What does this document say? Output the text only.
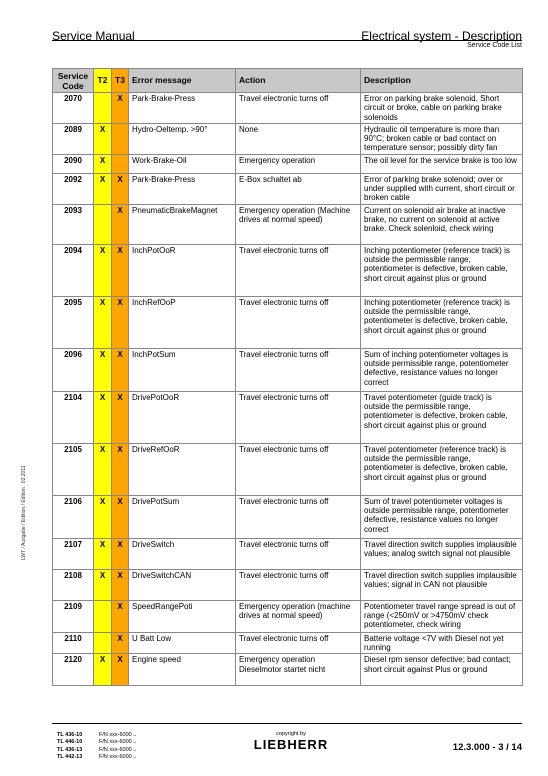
Service Manual	Electrical system - Description
Service Code List
LWT / Ausgabe / Edition / Édition : 02.2011
Service Code	T2	T3	Error message	Action	Description
2070		X	Park-Brake-Press	Travel electronic turns off	Error on parking brake solenoid. Short circuit or broke, cable on parking brake solenoids
2089	X		Hydro-Oeltemp. >90°	None	Hydraulic oil temperature is more than 90°C; broken cable or bad contact on temperature sensor; possibly dirty fan
2090	X		Work-Brake-Oil	Emergency operation	The oil level for the service brake is too low
2092	X	X	Park-Brake-Press	E-Box schaltet ab	Error of parking brake solenoid; over or under supplied with current, short circuit or broken cable
2093		X	PneumaticBrakeMagnet	Emergency operation (Machine drives at normal speed)	Current on solenoid air brake at inactive brake, no current on solenoid at active brake. Check solenloid, check wiring
2094	X	X	InchPotOoR	Travel electronic turns off	Inching potentiometer (reference track) is outside the permissible range, potentiometer is defective, broken cable, short circuit against plus or ground
2095	X	X	InchRefOoP	Travel electronic turns off	Inching potentiometer (reference track) is outside the permissible range, potentiometer is defective, broken cable, short circuit against plus or ground
2096	X	X	InchPotSum	Travel electronic turns off	Sum of inching potentiometer voltages is outside permissible range, potentiometer defective, resistance values no longer correct
2104	X	X	DrivePotOoR	Travel electronic turns off	Travel potentiometer (guide track) is outside the permissible range, potentiometer is defective, broken cable, short circuit against plus or ground
2105	X	X	DriveRefOoR	Travel electronic turns off	Travel potentiometer (reference track) is outside the permissible range, potentiometer is defective, broken cable, short circuit against plus or ground
2106	X	X	DrivePotSum	Travel electronic turns off	Sum of travel potentiometer voltages is outside permissible range, potentiometer defective, resistance values no longer correct
2107	X	X	DriveSwitch	Travel electronic turns off	Travel direction switch supplies implausible values; analog switch signal not plausible
2108	X	X	DriveSwitchCAN	Travel electronic turns off	Travel direction switch supplies implausible values; signal in CAN not plausible
2109		X	SpeedRangePoti	Emergency operation (machine drives at normal speed)	Potentiometer travel range spread is out of range (<250mV or >4750mV check potentiometer, check wiring
2110		X	U Batt Low	Travel electronic turns off	Batterie voltage <7V with Diesel not yet running
2120	X	X	Engine speed	Emergency operation Dieselmotor startet nicht	Diesel rpm sensor defective; bad contact; short circuit against Plus or ground
TL 436-10	F/N xxx-6000→
TL 446-10	F/N xxx-6000→
TL 436-13	F/N xxx-6000→
TL 442-13	F/N xxx-6000→
copyright by
LIEBHERR	12.3.000 - 3 / 14
